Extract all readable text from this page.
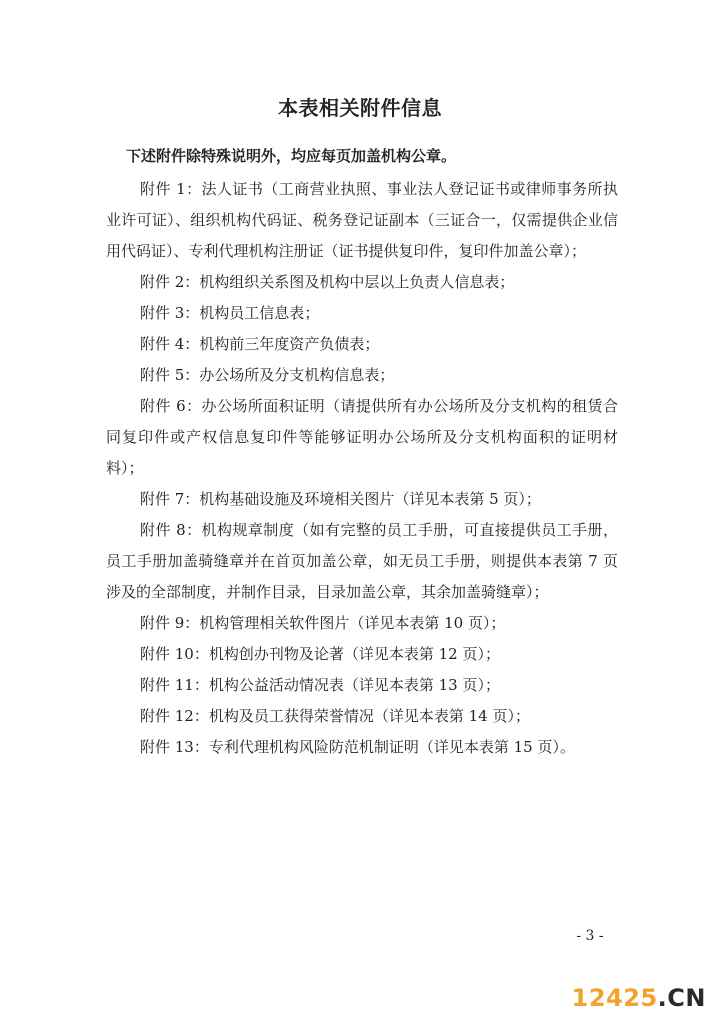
本表相关附件信息
下述附件除特殊说明外，均应每页加盖机构公章。
附件 1：法人证书（工商营业执照、事业法人登记证书或律师事务所执业许可证）、组织机构代码证、税务登记证副本（三证合一，仅需提供企业信用代码证）、专利代理机构注册证（证书提供复印件，复印件加盖公章）；
附件 2：机构组织关系图及机构中层以上负责人信息表；
附件 3：机构员工信息表；
附件 4：机构前三年度资产负债表；
附件 5：办公场所及分支机构信息表；
附件 6：办公场所面积证明（请提供所有办公场所及分支机构的租赁合同复印件或产权信息复印件等能够证明办公场所及分支机构面积的证明材料）；
附件 7：机构基础设施及环境相关图片（详见本表第 5 页）；
附件 8：机构规章制度（如有完整的员工手册，可直接提供员工手册，员工手册加盖骑缝章并在首页加盖公章，如无员工手册，则提供本表第 7 页涉及的全部制度，并制作目录，目录加盖公章，其余加盖骑缝章）；
附件 9：机构管理相关软件图片（详见本表第 10 页）；
附件 10：机构创办刊物及论著（详见本表第 12 页）；
附件 11：机构公益活动情况表（详见本表第 13 页）；
附件 12：机构及员工获得荣誉情况（详见本表第 14 页）；
附件 13：专利代理机构风险防范机制证明（详见本表第 15 页）。
- 3 -
12425.CN
